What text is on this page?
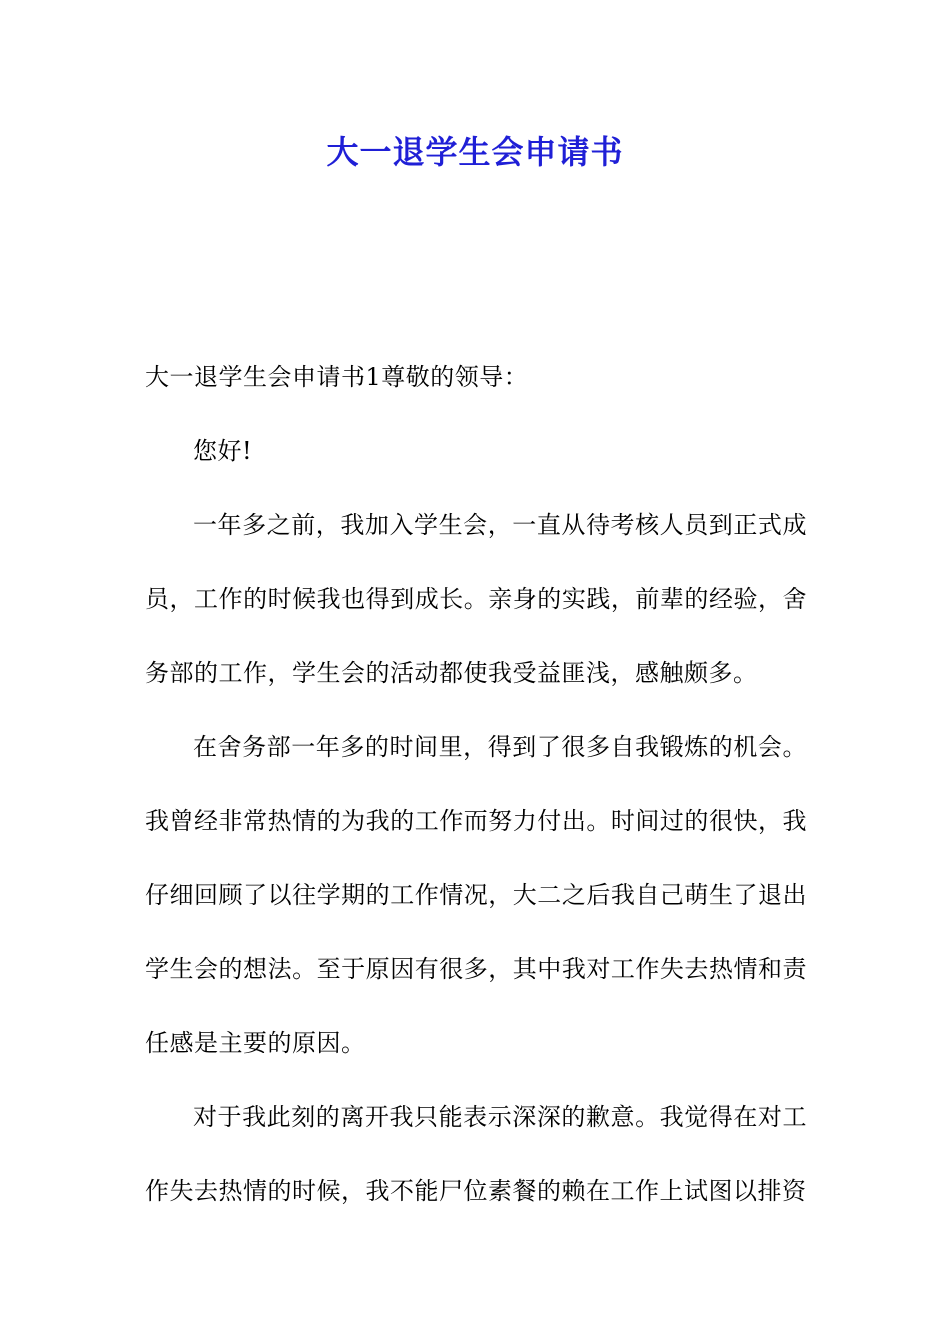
大一退学生会申请书

大一退学生会申请书1尊敬的领导：

您好!

一年多之前，我加入学生会，一直从待考核人员到正式成员，工作的时候我也得到成长。亲身的实践，前辈的经验，舍务部的工作，学生会的活动都使我受益匪浅，感触颇多。

在舍务部一年多的时间里，得到了很多自我锻炼的机会。我曾经非常热情的为我的工作而努力付出。时间过的很快，我仔细回顾了以往学期的工作情况，大二之后我自己萌生了退出学生会的想法。至于原因有很多，其中我对工作失去热情和责任感是主要的原因。

对于我此刻的离开我只能表示深深的歉意。我觉得在对工作失去热情的时候，我不能尸位素餐的赖在工作上试图以排资
